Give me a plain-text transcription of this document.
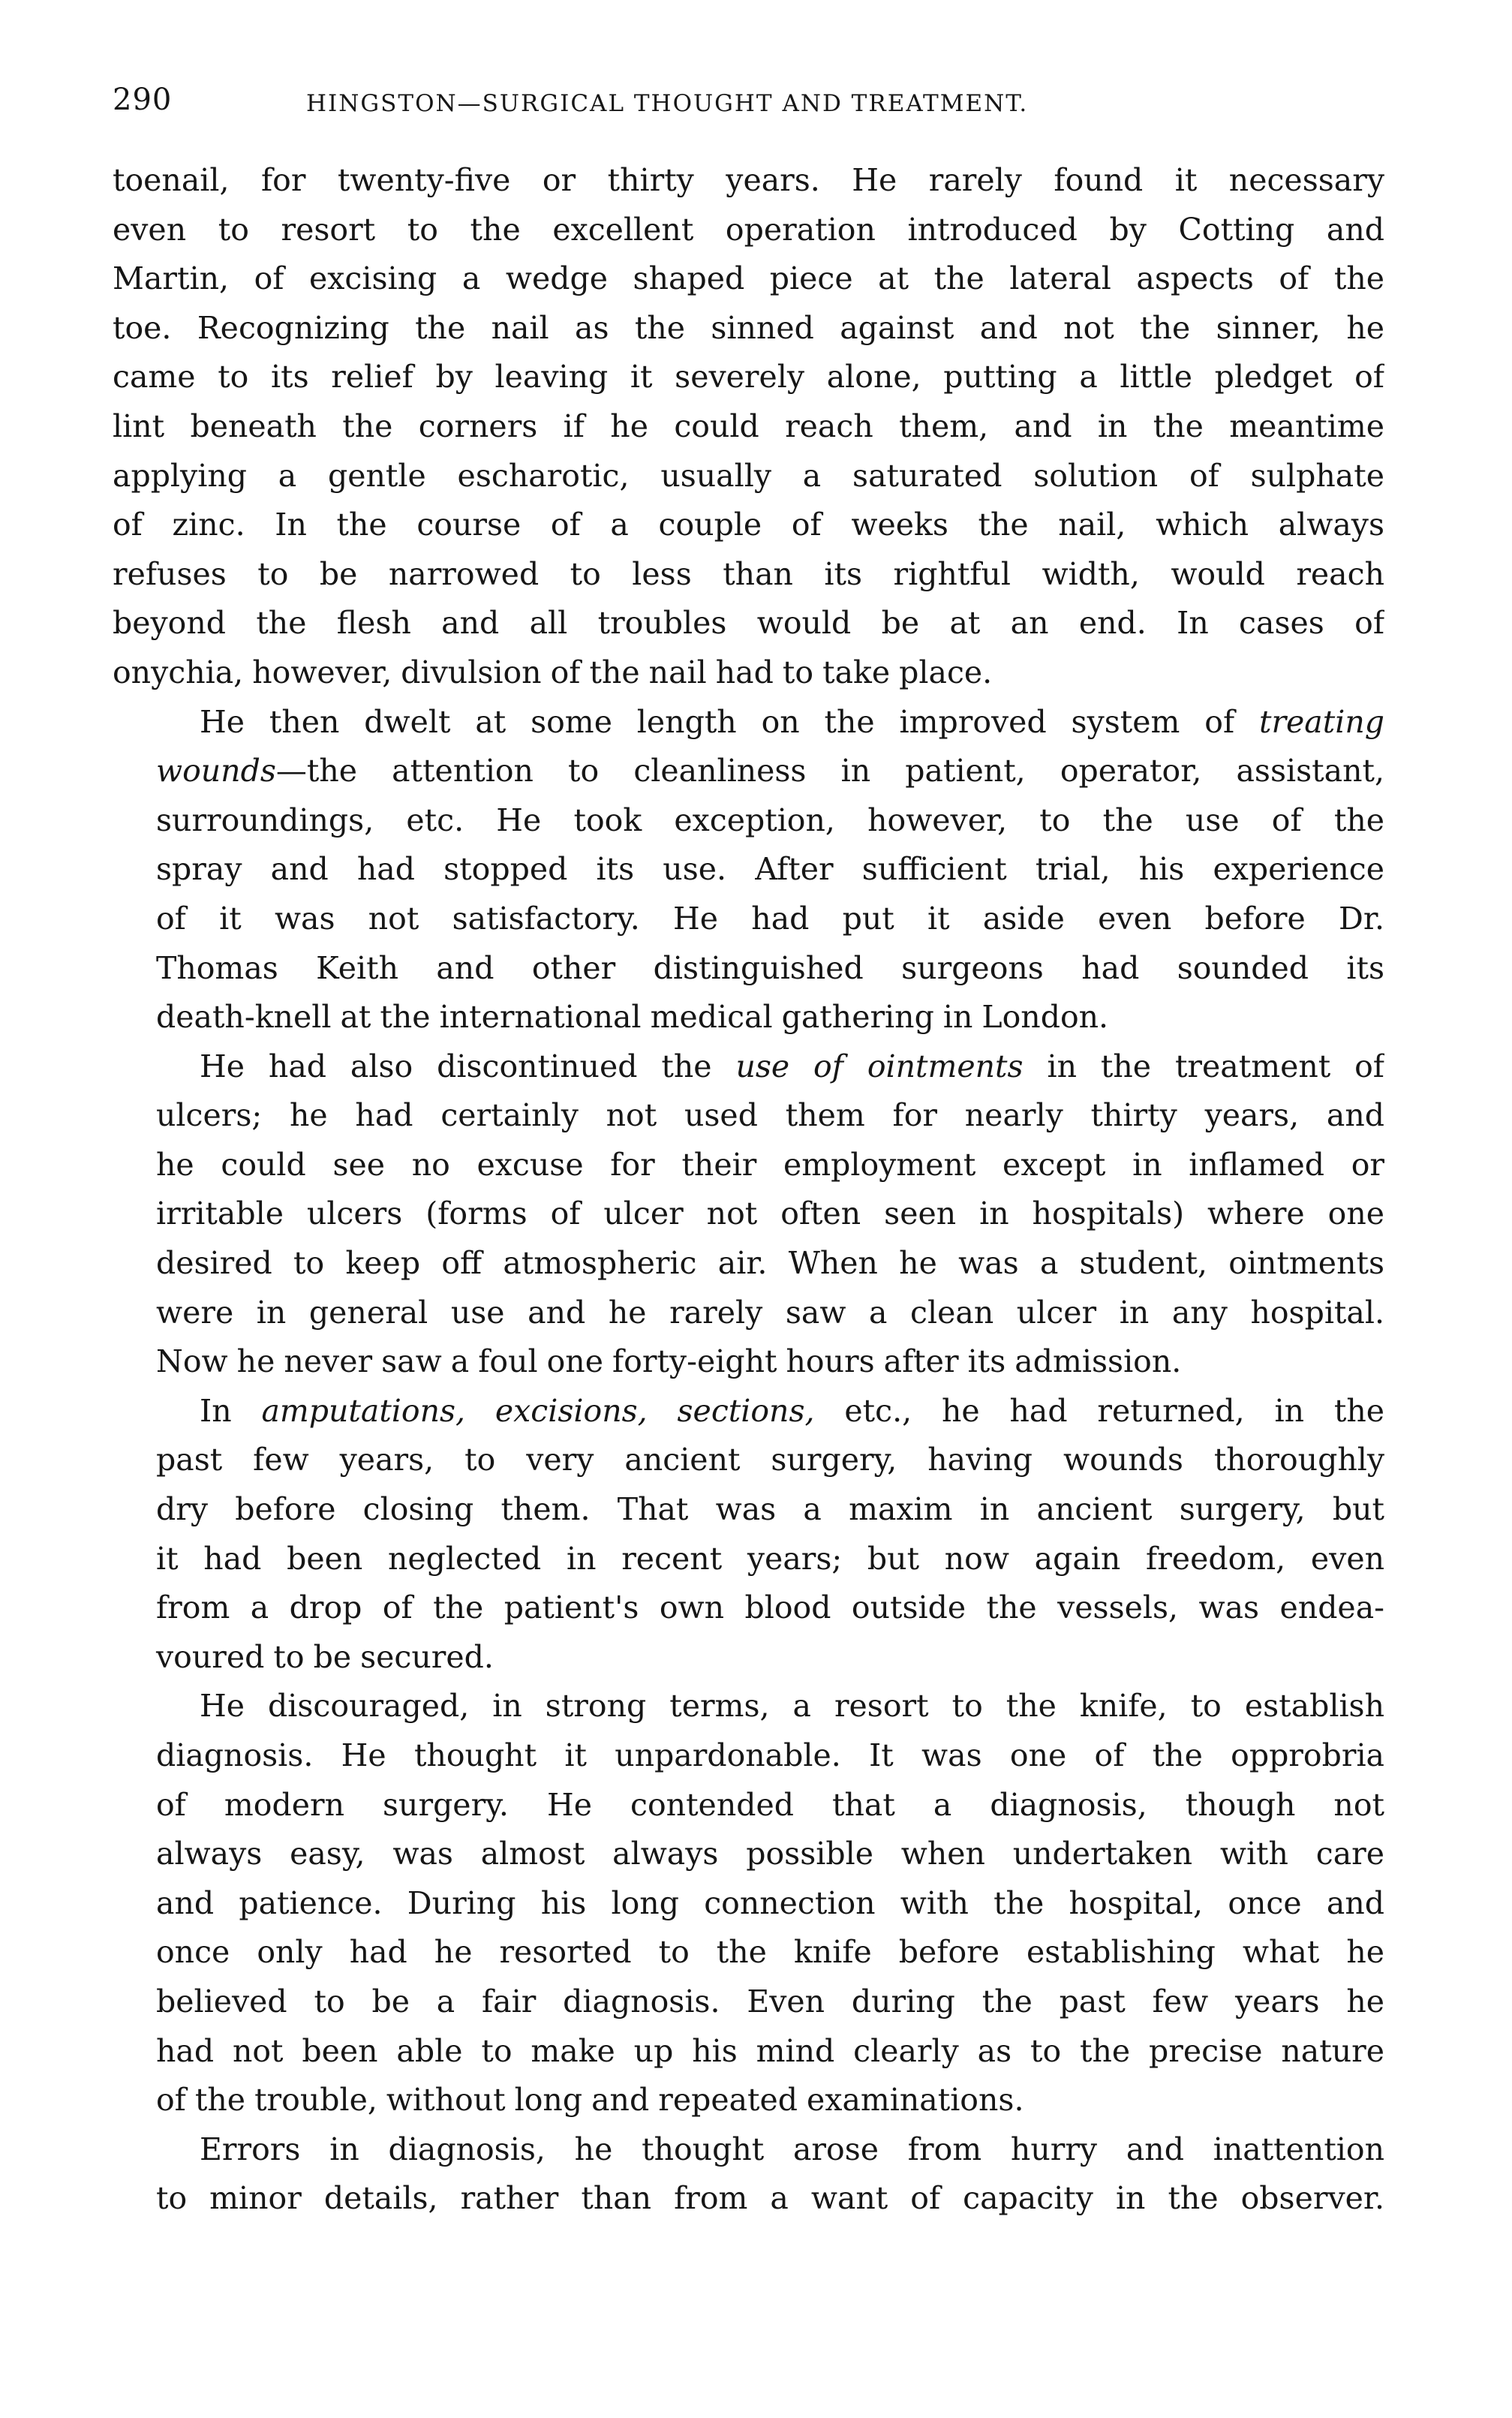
290	HINGSTON—SURGICAL THOUGHT AND TREATMENT.
toenail, for twenty-five or thirty years. He rarely found it necessary
even to resort to the excellent operation introduced by Cotting and
Martin, of excising a wedge shaped piece at the lateral aspects of the
toe. Recognizing the nail as the sinned against and not the sinner, he
came to its relief by leaving it severely alone, putting a little pledget of
lint beneath the corners if he could reach them, and in the meantime
applying a gentle escharotic, usually a saturated solution of sulphate
of zinc. In the course of a couple of weeks the nail, which always
refuses to be narrowed to less than its rightful width, would reach
beyond the flesh and all troubles would be at an end. In cases of
onychia, however, divulsion of the nail had to take place.
He then dwelt at some length on the improved system of treating
wounds—the attention to cleanliness in patient, operator, assistant,
surroundings, etc. He took exception, however, to the use of the
spray and had stopped its use. After sufficient trial, his experience
of it was not satisfactory. He had put it aside even before Dr.
Thomas Keith and other distinguished surgeons had sounded its
death-knell at the international medical gathering in London.
He had also discontinued the use of ointments in the treatment of
ulcers; he had certainly not used them for nearly thirty years, and
he could see no excuse for their employment except in inflamed or
irritable ulcers (forms of ulcer not often seen in hospitals) where one
desired to keep off atmospheric air. When he was a student, ointments
were in general use and he rarely saw a clean ulcer in any hospital.
Now he never saw a foul one forty-eight hours after its admission.
In amputations, excisions, sections, etc., he had returned, in the
past few years, to very ancient surgery, having wounds thoroughly
dry before closing them. That was a maxim in ancient surgery, but
it had been neglected in recent years; but now again freedom, even
from a drop of the patient's own blood outside the vessels, was endea-
voured to be secured.
He discouraged, in strong terms, a resort to the knife, to establish
diagnosis. He thought it unpardonable. It was one of the opprobria
of modern surgery. He contended that a diagnosis, though not
always easy, was almost always possible when undertaken with care
and patience. During his long connection with the hospital, once and
once only had he resorted to the knife before establishing what he
believed to be a fair diagnosis. Even during the past few years he
had not been able to make up his mind clearly as to the precise nature
of the trouble, without long and repeated examinations.
Errors in diagnosis, he thought arose from hurry and inattention
to minor details, rather than from a want of capacity in the observer.
